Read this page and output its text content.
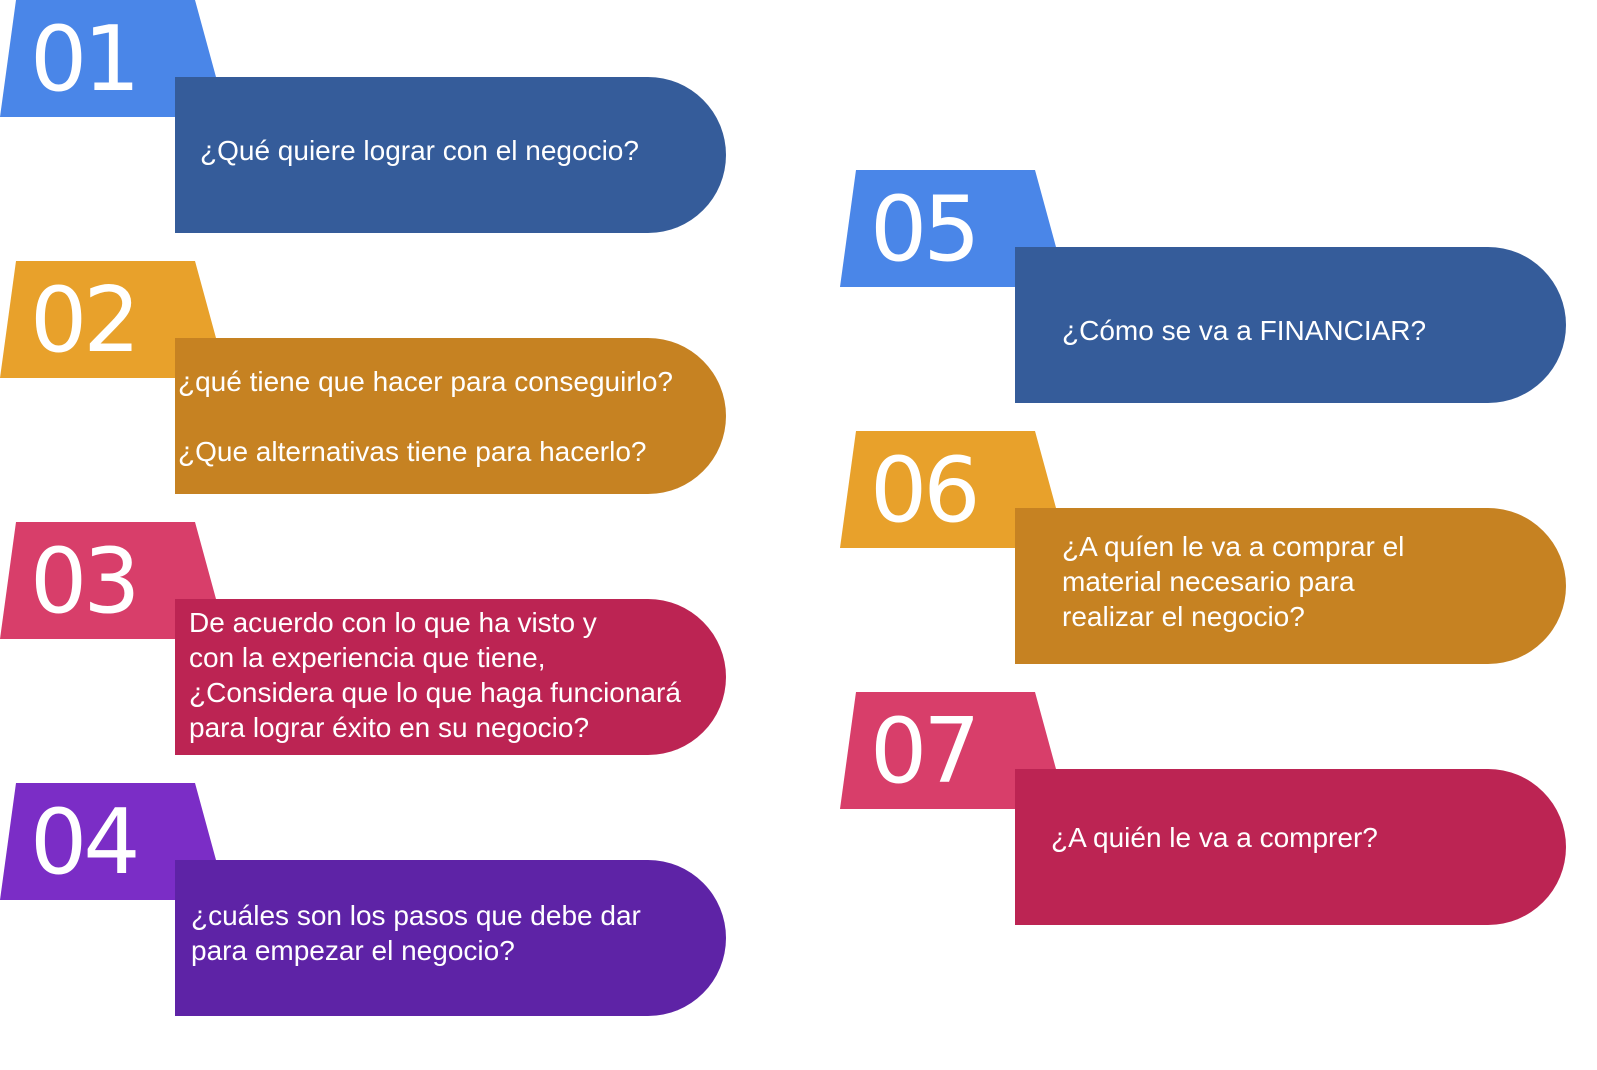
01

¿Qué quiere lograr con el negocio?

02

¿qué tiene que hacer para conseguirlo?

¿Que alternativas tiene para hacerlo?

03 De acuerdo con lo que ha visto y

con la experiencia que tiene,

¿Considera que lo que haga funcionará

para lograr éxito en su negocio?

04

¿cuáles son los pasos que debe dar

para empezar el negocio?

05

¿Cómo se va a FINANCIAR?

06

¿A quíen le va a comprar el

material necesario para

realizar el negocio?

07

¿A quién le va a comprer?
